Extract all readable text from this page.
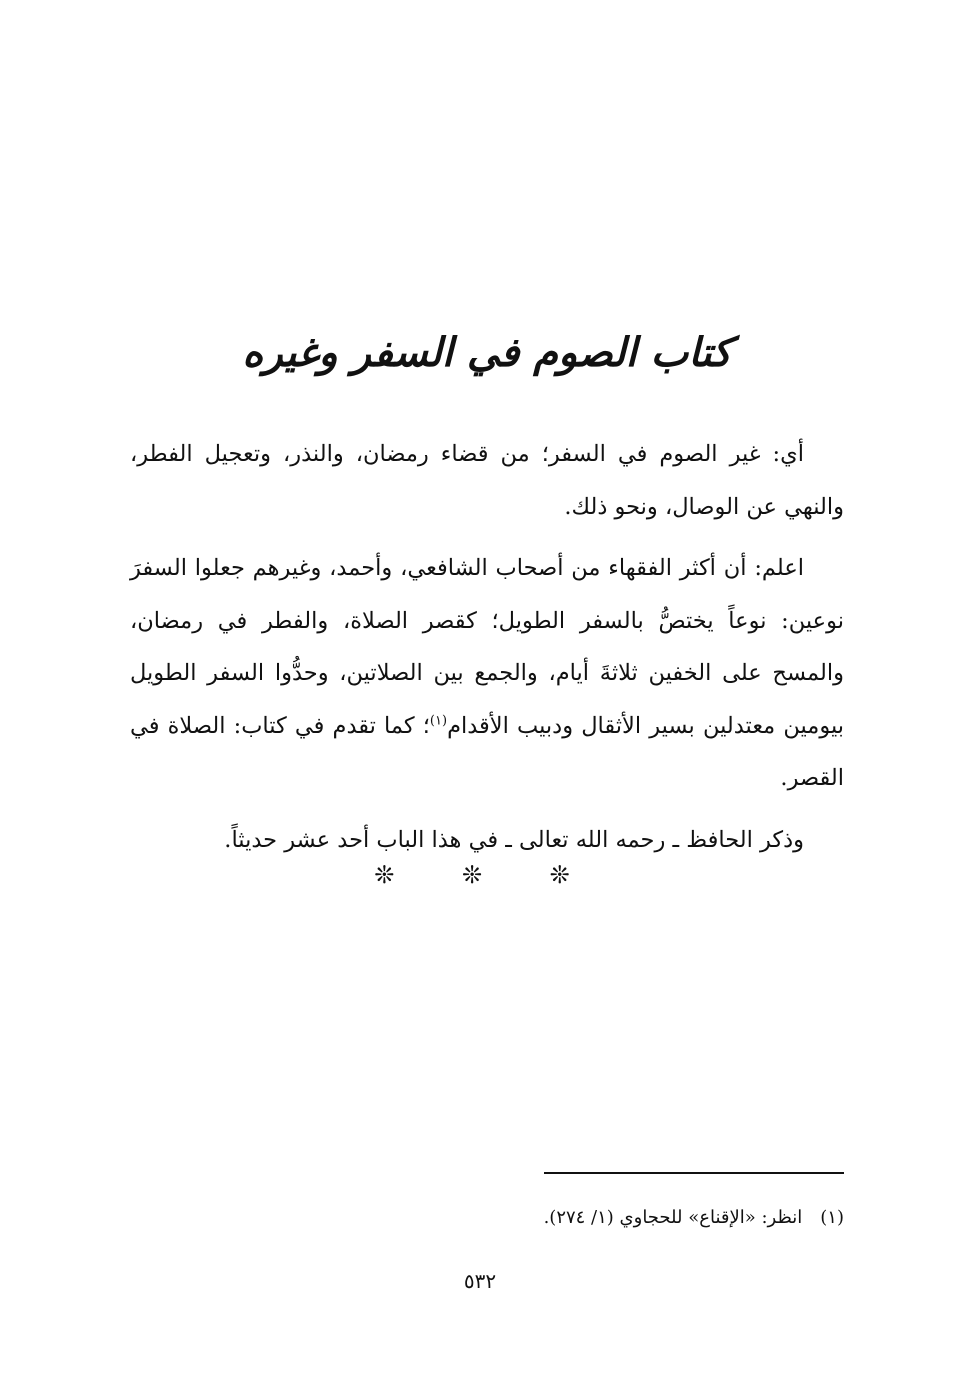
كتاب الصوم في السفر وغيره

أي: غير الصوم في السفر؛ من قضاء رمضان، والنذر، وتعجيل الفطر، والنهي عن الوصال، ونحو ذلك.

اعلم: أن أكثر الفقهاء من أصحاب الشافعي، وأحمد، وغيرهم جعلوا السفرَ نوعين: نوعاً يختصُّ بالسفر الطويل؛ كقصر الصلاة، والفطر في رمضان، والمسح على الخفين ثلاثةَ أيام، والجمع بين الصلاتين، وحدُّوا السفر الطويل بيومين معتدلين بسير الأثقال ودبيب الأقدام$^{(١)}$؛ كما تقدم في كتاب: الصلاة في القصر.

وذكر الحافظ ـ رحمه الله تعالى ـ في هذا الباب أحد عشر حديثاً.

❊ ❊ ❊

(١)انظر: «الإقناع» للحجاوي (١/ ٢٧٤).

٥٣٢
